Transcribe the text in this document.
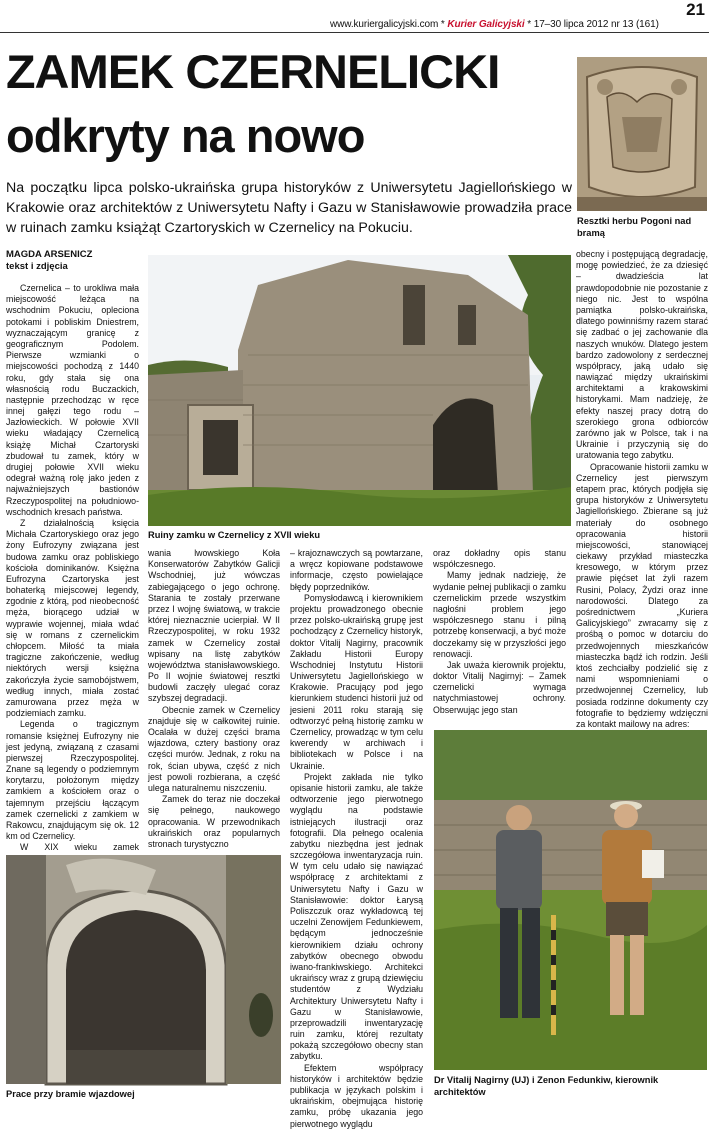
21
www.kuriergalicyjski.com * Kurier Galicyjski * 17–30 lipca 2012 nr 13 (161)
ZAMEK CZERNELICKI
odkryty na nowo
Na początku lipca polsko-ukraińska grupa historyków z Uniwersytetu Jagiellońskiego w Krakowie oraz architektów z Uniwersytetu Nafty i Gazu w Stanisławowie prowadziła prace w ruinach zamku książąt Czartoryskich w Czernelicy na Pokuciu.	Resztki herbu Pogoni nad bramą
MAGDA ARSENICZ
tekst i zdjęcia

Czernelica – to urokliwa mała miejscowość leżąca na wschodnim Pokuciu, opleciona potokami i pobliskim Dniestrem, wyznaczającym granicę z geograficznym Podolem. Pierwsze wzmianki o miejscowości pochodzą z 1440 roku, gdy stała się ona własnością rodu Buczackich, następnie przechodząc w ręce innej gałęzi tego rodu – Jazłowieckich. W połowie XVII wieku władający Czernelicą książę Michał Czartoryski zbudował tu zamek, który w drugiej połowie XVII wieku odegrał ważną rolę jako jeden z najważniejszych bastionów Rzeczypospolitej na południowo-wschodnich kresach państwa.

Z działalnością księcia Michała Czartoryskiego oraz jego żony Eufrozyny związana jest budowa zamku oraz pobliskiego kościoła dominikanów. Księżna Eufrozyna Czartoryska jest bohaterką miejscowej legendy, zgodnie z którą, pod nieobecność męża, biorącego udział w wyprawie wojennej, miała wdać się w romans z czernelickim chłopcem. Miłość ta miała tragiczne zakończenie, według niektórych wersji księżna zakończyła życie samobójstwem, według innych, miała zostać zamurowana przez męża w podziemiach zamku.

Legenda o tragicznym romansie księżnej Eufrozyny nie jest jedyną, związaną z czasami pierwszej Rzeczypospolitej. Znane są legendy o podziemnym korytarzu, położonym między zamkiem a kościołem oraz o tajemnym przejściu łączącym zamek czernelicki z zamkiem w Rakowcu, znajdującym się ok. 12 km od Czernelicy.

W XIX wieku zamek

Ruiny zamku w Czernelicy z XVII wieku

wania lwowskiego Koła Konserwatorów Zabytków Galicji Wschodniej, już wówczas zabiegającego o jego ochronę. Starania te zostały przerwane przez I wojnę światową, w trakcie której nieznacznie ucierpiał. W II Rzeczypospolitej, w roku 1932 zamek w Czernelicy został wpisany na listę zabytków województwa stanisławowskiego. Po II wojnie światowej resztki budowli zaczęły ulegać coraz szybszej degradacji.

Obecnie zamek w Czernelicy znajduje się w całkowitej ruinie. Ocalała w dużej części brama wjazdowa, cztery bastiony oraz części murów. Jednak, z roku na rok, ścian ubywa, część z nich jest powoli rozbierana, a część ulega naturalnemu niszczeniu.

Zamek do teraz nie doczekał się pełnego, naukowego opracowania. W przewodnikach ukraińskich oraz popularnych stronach turystyczno

– krajoznawczych są powtarzane, a wręcz kopiowane podstawowe informacje, często powielające błędy poprzedników.

Pomysłodawcą i kierownikiem projektu prowadzonego obecnie przez polsko-ukraińską grupę jest pochodzący z Czernelicy historyk, doktor Vitalij Nagirny, pracownik Zakładu Historii Europy Wschodniej Instytutu Historii Uniwersytetu Jagiellońskiego w Krakowie. Pracujący pod jego kierunkiem studenci historii już od jesieni 2011 roku starają się odtworzyć pełną historię zamku w Czernelicy, prowadząc w tym celu kwerendy w archiwach i bibliotekach w Polsce i na Ukrainie.

Projekt zakłada nie tylko opisanie historii zamku, ale także odtworzenie jego pierwotnego wyglądu na podstawie istniejących ilustracji oraz fotografii. Dla pełnego ocalenia zabytku niezbędna jest jednak szczegółowa inwentaryzacja ruin. W tym celu udało się nawiązać współpracę z architektami z Uniwersytetu Nafty i Gazu w Stanisławowie: doktor Łarysą Poliszczuk oraz wykładowcą tej uczelni Zenowijem Fedunkiewem, będącym jednocześnie kierownikiem działu ochrony zabytków obecnego obwodu iwano-frankiwskiego. Architekci ukraińscy wraz z grupą dziewięciu studentów z Wydziału Architektury Uniwersytetu Nafty i Gazu w Stanisławowie, przeprowadzili inwentaryzację ruin zamku, której rezultaty pokażą szczegółowo obecny stan zabytku.

Efektem współpracy historyków i architektów będzie publikacja w językach polskim i ukraińskim, obejmująca historię zamku, próbę ukazania jego pierwotnego wyglądu

oraz dokładny opis stanu współczesnego.

Mamy jednak nadzieję, że wydanie pełnej publikacji o zamku czernelickim przede wszystkim nagłośni problem jego współczesnego stanu i pilną potrzebę konserwacji, a być może doczekamy się w przyszłości jego renowacji.

Jak uważa kierownik projektu, doktor Vitalij Nagirnyj: – Zamek czernelicki wymaga natychmiastowej ochrony. Obserwując jego stan

obecny i postępującą degradację, mogę powiedzieć, że za dziesięć – dwadzieścia lat prawdopodobnie nie pozostanie z niego nic. Jest to wspólna pamiątka polsko-ukraińska, dlatego powinniśmy razem starać się zadbać o jej zachowanie dla naszych wnuków. Dlatego jestem bardzo zadowolony z serdecznej współpracy, jaką udało się nawiązać między ukraińskimi architektami a krakowskimi historykami. Mam nadzieję, że efekty naszej pracy dotrą do szerokiego grona odbiorców zarówno jak w Polsce, tak i na Ukrainie i przyczynią się do uratowania tego zabytku.

Opracowanie historii zamku w Czernelicy jest pierwszym etapem prac, których podjęła się grupa historyków z Uniwersytetu Jagiellońskiego. Zbierane są już materiały do osobnego opracowania historii miejscowości, stanowiącej ciekawy przykład miasteczka kresowego, w którym przez prawie pięćset lat żyli razem Rusini, Polacy, Żydzi oraz inne narodowości. Dlatego za pośrednictwem „Kuriera Galicyjskiego” zwracamy się z prośbą o pomoc w dotarciu do przedwojennych mieszkańców miasteczka bądź ich rodzin. Jeśli ktoś zechciałby podzielić się z nami wspomnieniami o przedwojennej Czernelicy, lub posiada rodzinne dokumenty czy fotografie to będziemy wdzięczni za kontakt mailowy na adres:

Prace przy bramie wjazdowej
Dr Vitalij Nagirny (UJ) i Zenon Fedunkiw, kierownik architektów
